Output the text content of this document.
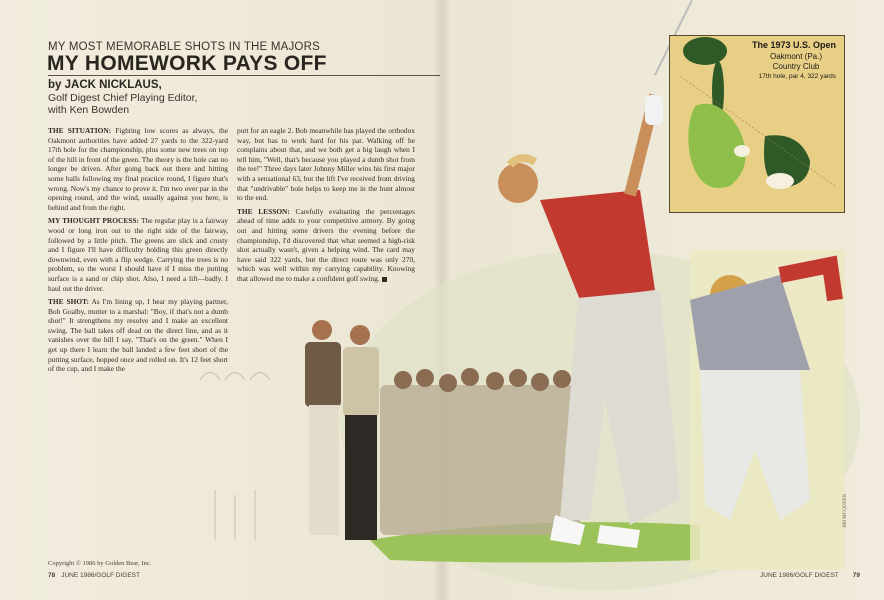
The 1973 U.S. Open
Oakmont (Pa.) Country Club
17th hole, par 4, 322 yards
MY MOST MEMORABLE SHOTS IN THE MAJORS
MY HOMEWORK PAYS OFF
by JACK NICKLAUS,
Golf Digest Chief Playing Editor,
with Ken Bowden

THE SITUATION: Fighting low scores as always, the Oakmont authorities have added 27 yards to the 322-yard 17th hole for the championship, plus some new trees on top of the hill in front of the green. The theory is the hole can no longer be driven. After going back out there and hitting some balls following my final practice round, I figure that's wrong. Now's my chance to prove it. I'm two over par in the opening round, and the wind, usually against you here, is behind and from the right.

MY THOUGHT PROCESS: The regular play is a fairway wood or long iron out to the right side of the fairway, followed by a little pitch. The greens are slick and crusty and I figure I'll have difficulty holding this green directly downwind, even with a flip wedge. Carrying the trees is no problem, so the worst I should have if I miss the putting surface is a sand or chip shot. Also, I need a lift—badly. I haul out the driver.

THE SHOT: As I'm lining up, I hear my playing partner, Bob Goalby, mutter to a marshal: "Boy, if that's not a dumb shot!" It strengthens my resolve and I make an excellent swing. The ball takes off dead on the direct line, and as it vanishes over the hill I say, "That's on the green." When I get up there I learn the ball landed a few feet short of the putting surface, hopped once and rolled on. It's 12 feet short of the cup, and I make the

putt for an eagle 2. Bob meanwhile has played the orthodox way, but has to work hard for his par. Walking off he complains about that, and we both get a big laugh when I tell him, "Well, that's because you played a dumb shot from the tee!" Three days later Johnny Miller wins his first major with a sensational 63, but the lift I've received from driving that "undrivable" hole helps to keep me in the hunt almost to the end.

THE LESSON: Carefully evaluating the percentages ahead of time adds to your competitive armory. By going out and hitting some drivers the evening before the championship, I'd discovered that what seemed a high-risk shot actually wasn't, given a helping wind. The card may have said 322 yards, but the direct route was only 270, which was well within my carrying capability. Knowing that allowed me to make a confident golf swing.

Copyright © 1986 by Golden Bear, Inc.
78 JUNE 1986/GOLF DIGEST	JUNE 1986/GOLF DIGEST 79
JIM MCQUEEN
